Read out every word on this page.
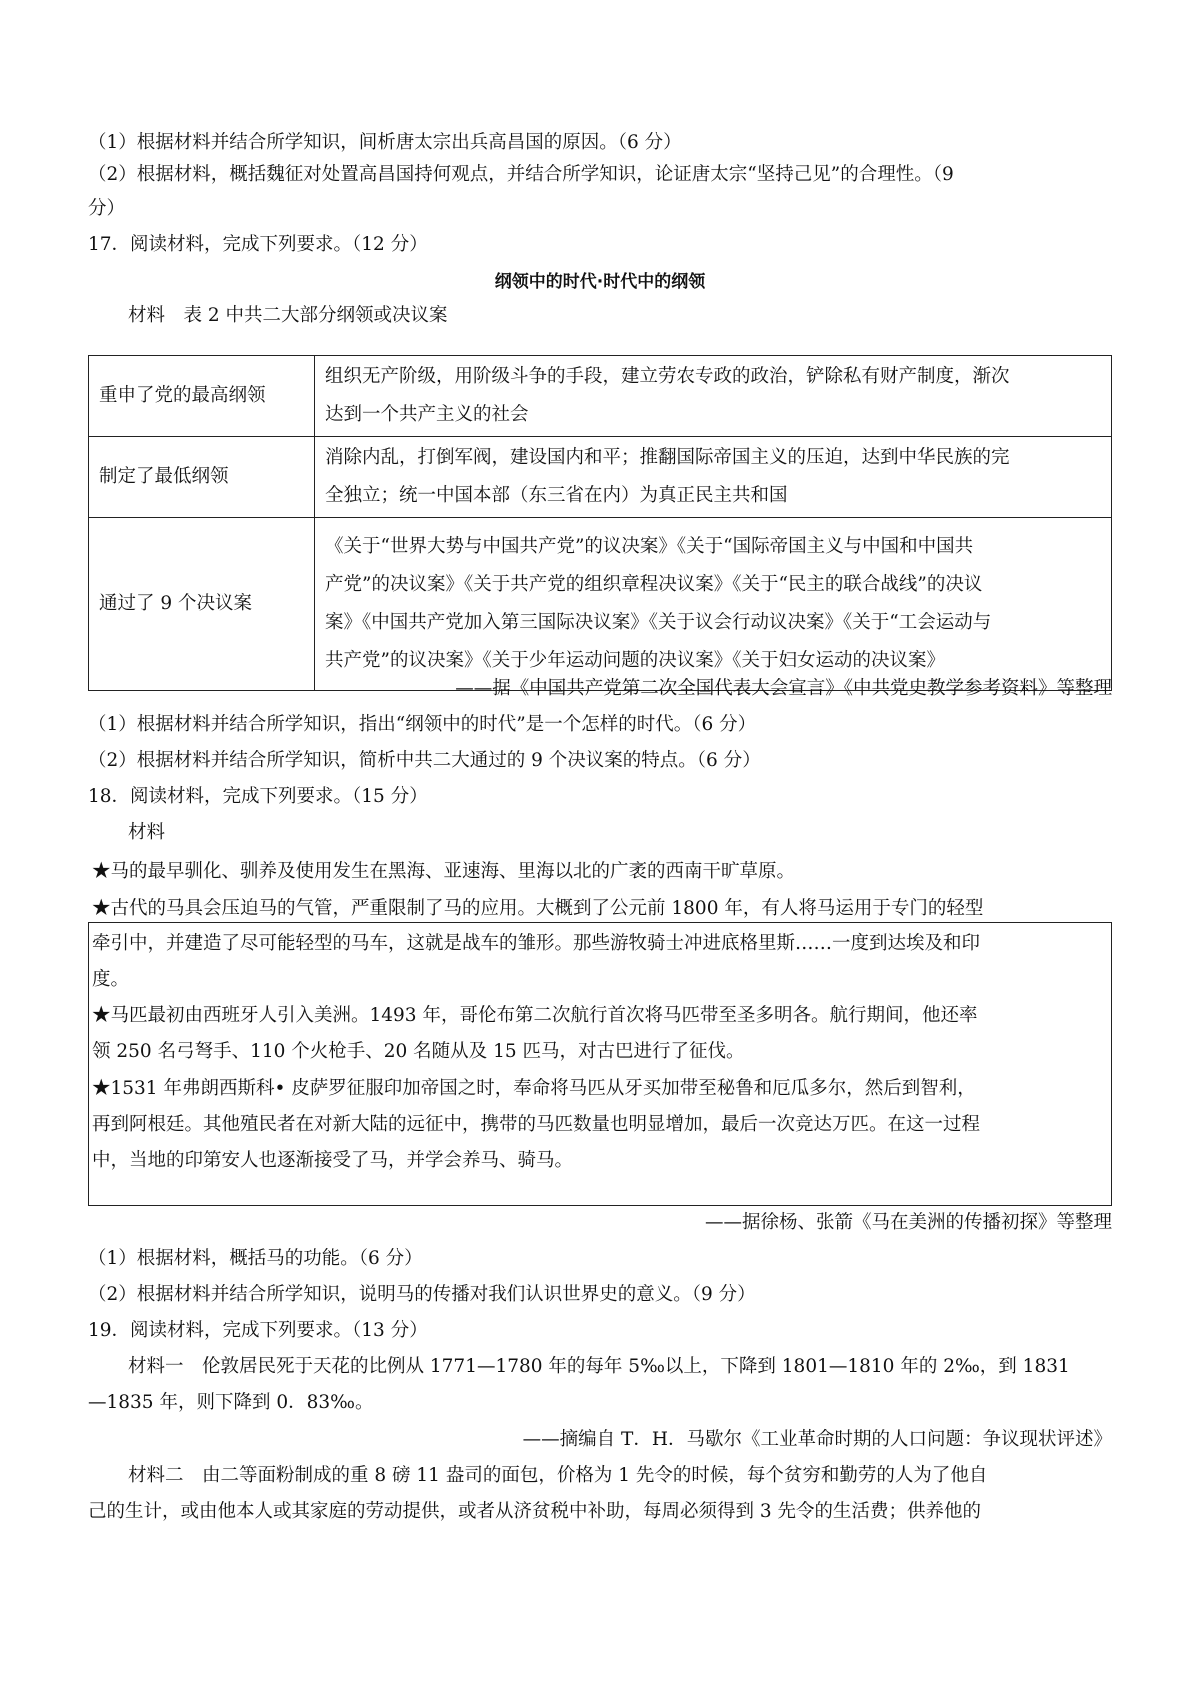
（1）根据材料并结合所学知识，间析唐太宗出兵高昌国的原因。（6 分）
（2）根据材料，概括魏征对处置高昌国持何观点，并结合所学知识，论证唐太宗“坚持己见”的合理性。（9
分）
17．阅读材料，完成下列要求。（12 分）
纲领中的时代·时代中的纲领
材料　表 2 中共二大部分纲领或决议案
重申了党的最高纲领	组织无产阶级，用阶级斗争的手段，建立劳农专政的政治，铲除私有财产制度，渐次
达到一个共产主义的社会

制定了最低纲领	消除内乱，打倒军阀，建设国内和平；推翻国际帝国主义的压迫，达到中华民族的完
全独立；统一中国本部（东三省在内）为真正民主共和国

通过了 9 个决议案	《关于“世界大势与中国共产党”的议决案》《关于“国际帝国主义与中国和中国共
产党”的决议案》《关于共产党的组织章程决议案》《关于“民主的联合战线”的决议
案》《中国共产党加入第三国际决议案》《关于议会行动议决案》《关于“工会运动与
共产党”的议决案》《关于少年运动问题的决议案》《关于妇女运动的决议案》
——据《中国共产党第二次全国代表大会宣言》《中共党史教学参考资料》等整理
（1）根据材料并结合所学知识，指出“纲领中的时代”是一个怎样的时代。（6 分）
（2）根据材料并结合所学知识，简析中共二大通过的 9 个决议案的特点。（6 分）
18．阅读材料，完成下列要求。（15 分）
材料
★马的最早驯化、驯养及使用发生在黑海、亚速海、里海以北的广袤的西南干旷草原。
★古代的马具会压迫马的气管，严重限制了马的应用。大概到了公元前 1800 年，有人将马运用于专门的轻型
牵引中，并建造了尽可能轻型的马车，这就是战车的雏形。那些游牧骑士冲进底格里斯……一度到达埃及和印
度。
★马匹最初由西班牙人引入美洲。1493 年，哥伦布第二次航行首次将马匹带至圣多明各。航行期间，他还率
领 250 名弓弩手、110 个火枪手、20 名随从及 15 匹马，对古巴进行了征伐。
★1531 年弗朗西斯科• 皮萨罗征服印加帝国之时，奉命将马匹从牙买加带至秘鲁和厄瓜多尔，然后到智利，
再到阿根廷。其他殖民者在对新大陆的远征中，携带的马匹数量也明显增加，最后一次竞达万匹。在这一过程
中，当地的印第安人也逐渐接受了马，并学会养马、骑马。
——据徐杨、张箭《马在美洲的传播初探》等整理
（1）根据材料，概括马的功能。（6 分）
（2）根据材料并结合所学知识，说明马的传播对我们认识世界史的意义。（9 分）
19．阅读材料，完成下列要求。（13 分）
材料一　伦敦居民死于天花的比例从 1771—1780 年的每年 5‰以上，下降到 1801—1810 年的 2‰，到 1831
—1835 年，则下降到 0．83‰。
——摘编自 T．H．马歇尔《工业革命时期的人口问题：争议现状评述》
材料二　由二等面粉制成的重 8 磅 11 盎司的面包，价格为 1 先令的时候，每个贫穷和勤劳的人为了他自
己的生计，或由他本人或其家庭的劳动提供，或者从济贫税中补助，每周必须得到 3 先令的生活费；供养他的
